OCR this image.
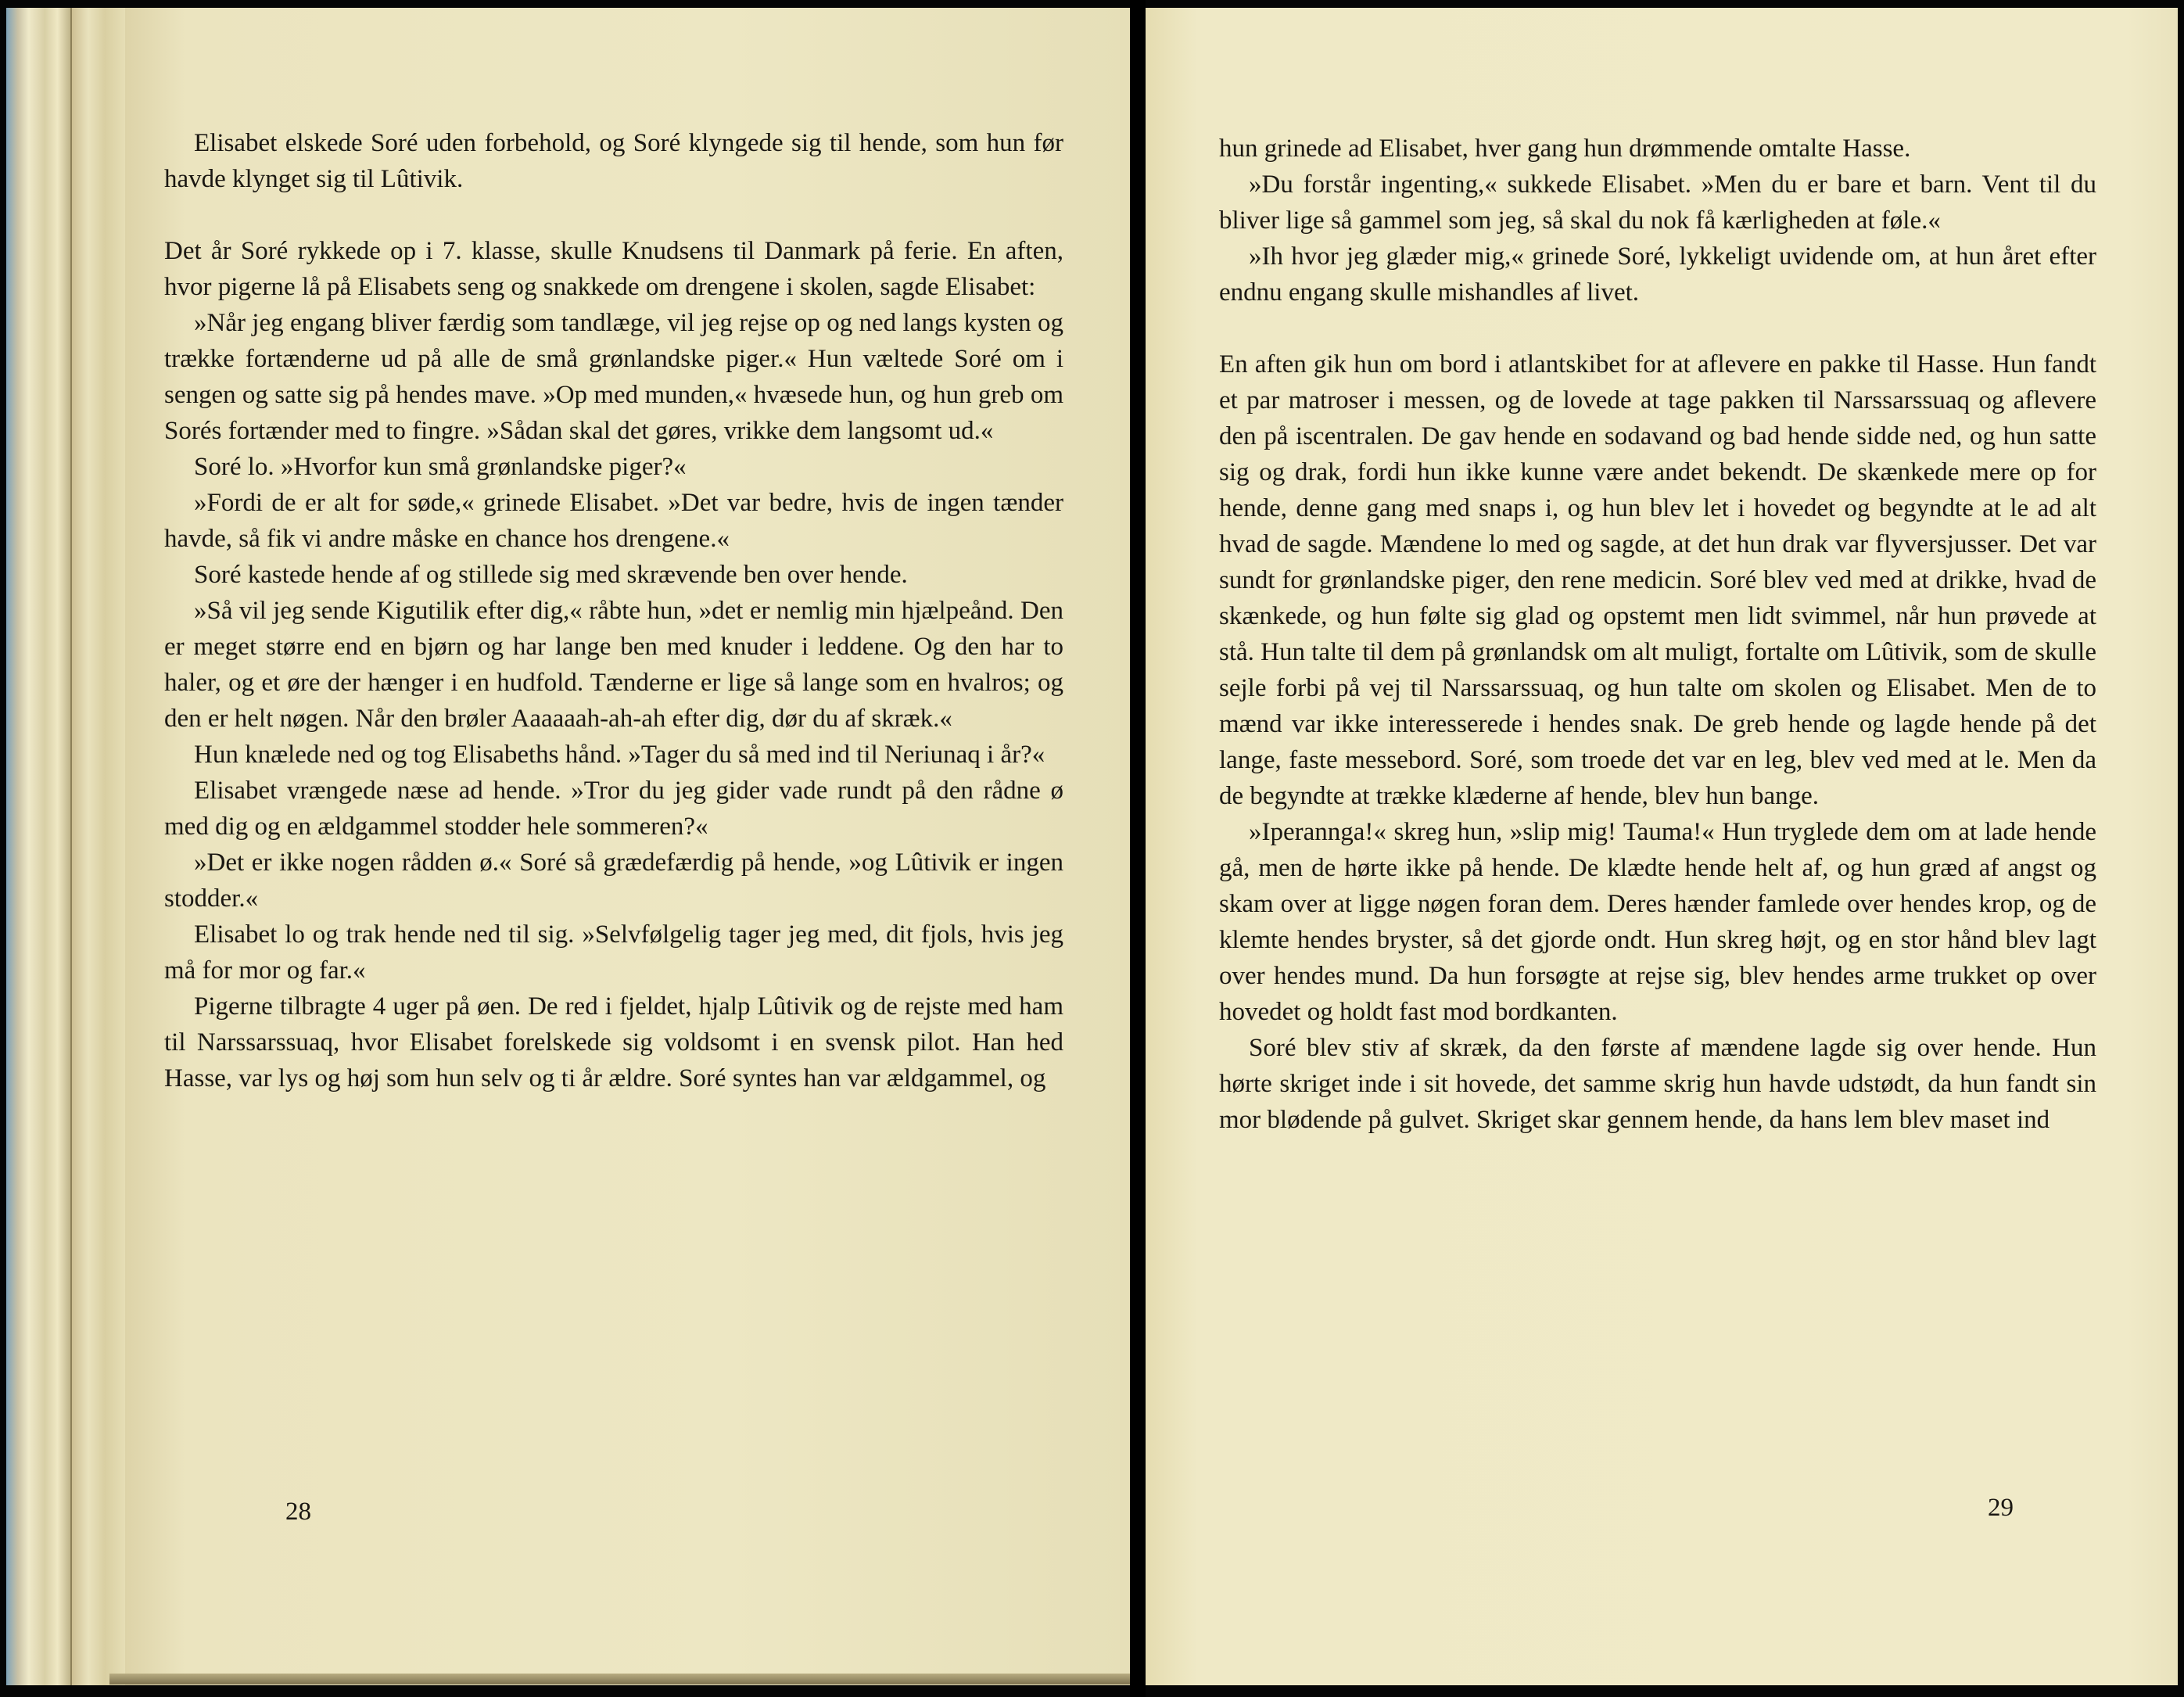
Elisabet elskede Soré uden forbehold, og Soré klyngede sig til hende, som hun før havde klynget sig til Lûtivik.

Det år Soré rykkede op i 7. klasse, skulle Knudsens til Danmark på ferie. En aften, hvor pigerne lå på Elisabets seng og snakkede om drengene i skolen, sagde Elisabet:

»Når jeg engang bliver færdig som tandlæge, vil jeg rejse op og ned langs kysten og trække fortænderne ud på alle de små grønlandske piger.« Hun væltede Soré om i sengen og satte sig på hendes mave. »Op med munden,« hvæsede hun, og hun greb om Sorés fortænder med to fingre. »Sådan skal det gøres, vrikke dem langsomt ud.«

Soré lo. »Hvorfor kun små grønlandske piger?«

»Fordi de er alt for søde,« grinede Elisabet. »Det var bedre, hvis de ingen tænder havde, så fik vi andre måske en chance hos drengene.«

Soré kastede hende af og stillede sig med skrævende ben over hende.

»Så vil jeg sende Kigutilik efter dig,« råbte hun, »det er nemlig min hjælpeånd. Den er meget større end en bjørn og har lange ben med knuder i leddene. Og den har to haler, og et øre der hænger i en hudfold. Tænderne er lige så lange som en hvalros; og den er helt nøgen. Når den brøler Aaaaaah-ah-ah efter dig, dør du af skræk.«

Hun knælede ned og tog Elisabeths hånd. »Tager du så med ind til Neriunaq i år?«

Elisabet vrængede næse ad hende. »Tror du jeg gider vade rundt på den rådne ø med dig og en ældgammel stodder hele sommeren?«

»Det er ikke nogen rådden ø.« Soré så grædefærdig på hende, »og Lûtivik er ingen stodder.«

Elisabet lo og trak hende ned til sig. »Selvfølgelig tager jeg med, dit fjols, hvis jeg må for mor og far.«

Pigerne tilbragte 4 uger på øen. De red i fjeldet, hjalp Lûtivik og de rejste med ham til Narssarssuaq, hvor Elisabet forelskede sig voldsomt i en svensk pilot. Han hed Hasse, var lys og høj som hun selv og ti år ældre. Soré syntes han var ældgammel, og

28

hun grinede ad Elisabet, hver gang hun drømmende omtalte Hasse.

»Du forstår ingenting,« sukkede Elisabet. »Men du er bare et barn. Vent til du bliver lige så gammel som jeg, så skal du nok få kærligheden at føle.«

»Ih hvor jeg glæder mig,« grinede Soré, lykkeligt uvidende om, at hun året efter endnu engang skulle mishandles af livet.

En aften gik hun om bord i atlantskibet for at aflevere en pakke til Hasse. Hun fandt et par matroser i messen, og de lovede at tage pakken til Narssarssuaq og aflevere den på iscentralen. De gav hende en sodavand og bad hende sidde ned, og hun satte sig og drak, fordi hun ikke kunne være andet bekendt. De skænkede mere op for hende, denne gang med snaps i, og hun blev let i hovedet og begyndte at le ad alt hvad de sagde. Mændene lo med og sagde, at det hun drak var flyversjusser. Det var sundt for grønlandske piger, den rene medicin. Soré blev ved med at drikke, hvad de skænkede, og hun følte sig glad og opstemt men lidt svimmel, når hun prøvede at stå. Hun talte til dem på grønlandsk om alt muligt, fortalte om Lûtivik, som de skulle sejle forbi på vej til Narssarssuaq, og hun talte om skolen og Elisabet. Men de to mænd var ikke interesserede i hendes snak. De greb hende og lagde hende på det lange, faste messebord. Soré, som troede det var en leg, blev ved med at le. Men da de begyndte at trække klæderne af hende, blev hun bange.

»Iperannga!« skreg hun, »slip mig! Tauma!« Hun tryglede dem om at lade hende gå, men de hørte ikke på hende. De klædte hende helt af, og hun græd af angst og skam over at ligge nøgen foran dem. Deres hænder famlede over hendes krop, og de klemte hendes bryster, så det gjorde ondt. Hun skreg højt, og en stor hånd blev lagt over hendes mund. Da hun forsøgte at rejse sig, blev hendes arme trukket op over hovedet og holdt fast mod bordkanten.

Soré blev stiv af skræk, da den første af mændene lagde sig over hende. Hun hørte skriget inde i sit hovede, det samme skrig hun havde udstødt, da hun fandt sin mor blødende på gulvet. Skriget skar gennem hende, da hans lem blev maset ind

29
